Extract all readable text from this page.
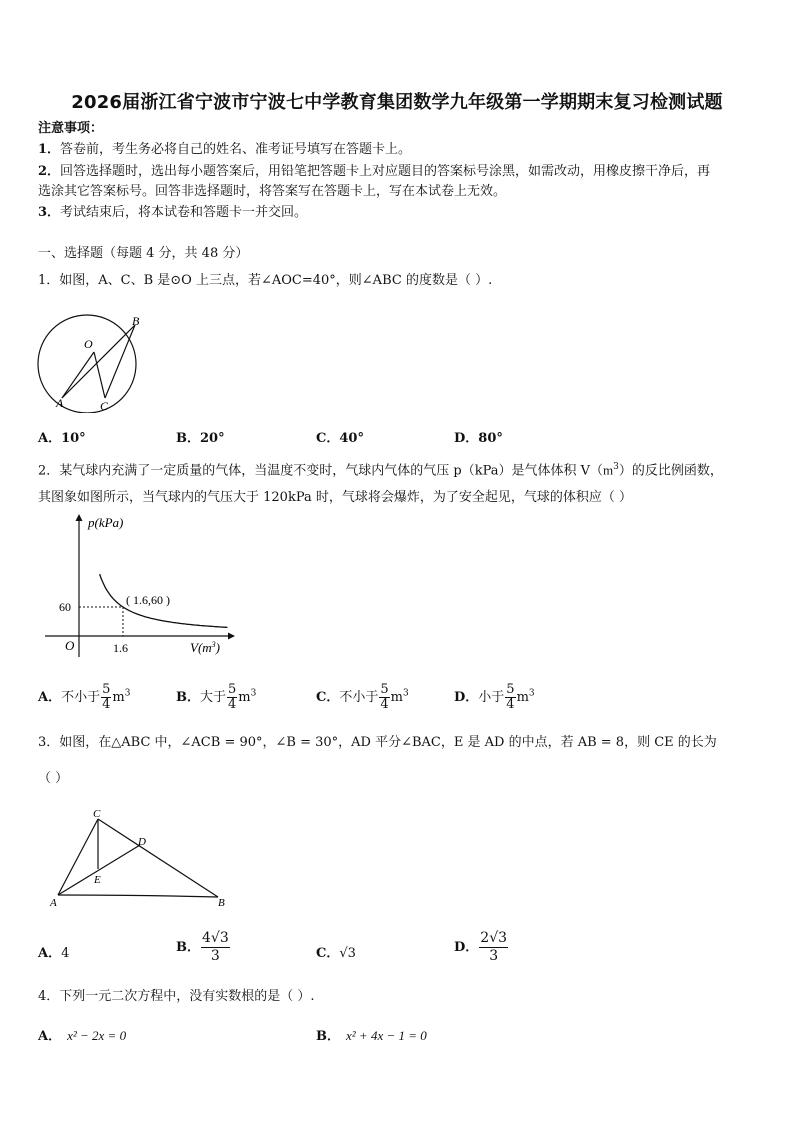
2026届浙江省宁波市宁波七中学教育集团数学九年级第一学期期末复习检测试题
注意事项：
1．答卷前，考生务必将自己的姓名、准考证号填写在答题卡上。
2．回答选择题时，选出每小题答案后，用铅笔把答题卡上对应题目的答案标号涂黑，如需改动，用橡皮擦干净后，再
选涂其它答案标号。回答非选择题时，将答案写在答题卡上，写在本试卷上无效。
3．考试结束后，将本试卷和答题卡一并交回。
一、选择题（每题 4 分，共 48 分）
1．如图，A、C、B 是⊙O 上三点，若∠AOC=40°，则∠ABC 的度数是（ ）.
O
A	C
B
A．10°	B．20°	C．40°	D．80°
2．某气球内充满了一定质量的气体，当温度不变时，气球内气体的气压 p（kPa）是气体体积 $V(m^3)$的反比例函数，
其图象如图所示，当气球内的气压大于 120kPa 时，气球将会爆炸，为了安全起见，气球的体积应（ ）
p(kPa)
$V(m^3)$
O
60
1.6
( 1.6,60 )
A．不小于 $\frac{5}{4} m^3$	B．大于 $\frac{5}{4} m^3$	C．不小于 $\frac{5}{4} m^3$	D．小于 $\frac{5}{4} m^3$
3．如图，在△ABC 中，∠ACB = 90°，∠B = 30°，AD 平分∠BAC，E 是 AD 的中点，若 AB = 8，则 CE 的长为
（ ）
C
D
E
A	B
A．4	B． $\frac{4√3}{3}$	C．√3	D． $\frac{2√3}{3}$
4．下列一元二次方程中，没有实数根的是（ ）.
A． x² − 2x = 0	B． x² + 4x − 1 = 0
